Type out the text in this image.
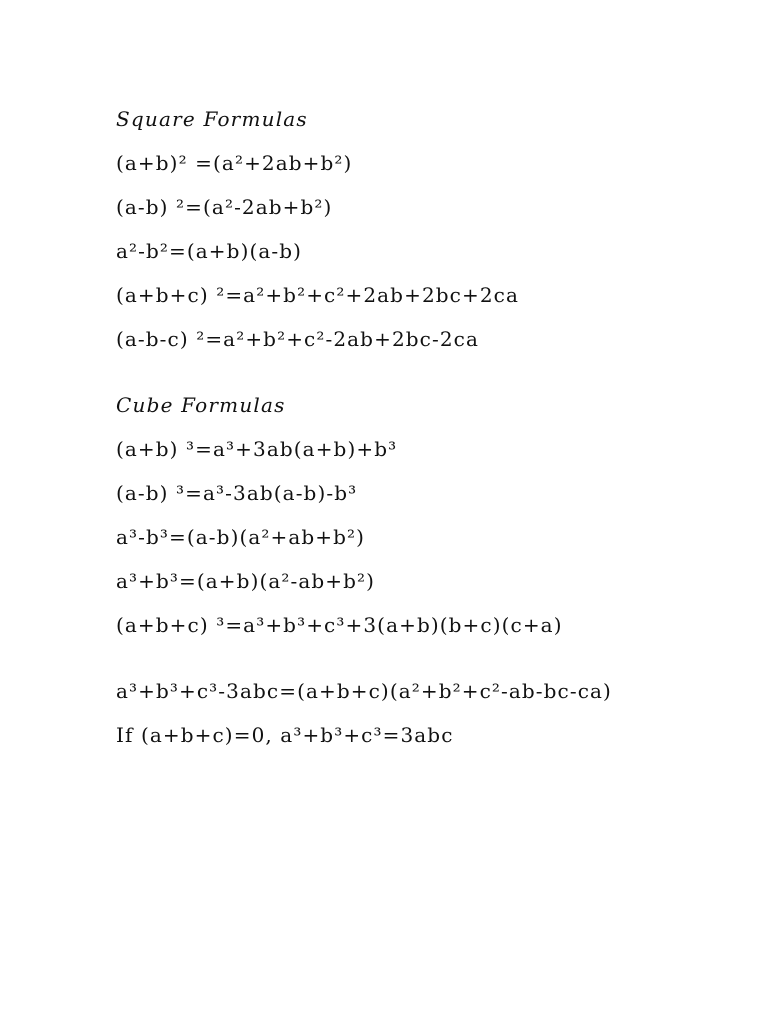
Square Formulas
(a+b)² =(a²+2ab+b²)
(a-b) ²=(a²-2ab+b²)
a²-b²=(a+b)(a-b)
(a+b+c) ²=a²+b²+c²+2ab+2bc+2ca
(a-b-c) ²=a²+b²+c²-2ab+2bc-2ca
Cube Formulas
(a+b) ³=a³+3ab(a+b)+b³
(a-b) ³=a³-3ab(a-b)-b³
a³-b³=(a-b)(a²+ab+b²)
a³+b³=(a+b)(a²-ab+b²)
(a+b+c) ³=a³+b³+c³+3(a+b)(b+c)(c+a)
a³+b³+c³-3abc=(a+b+c)(a²+b²+c²-ab-bc-ca)
If (a+b+c)=0, a³+b³+c³=3abc
